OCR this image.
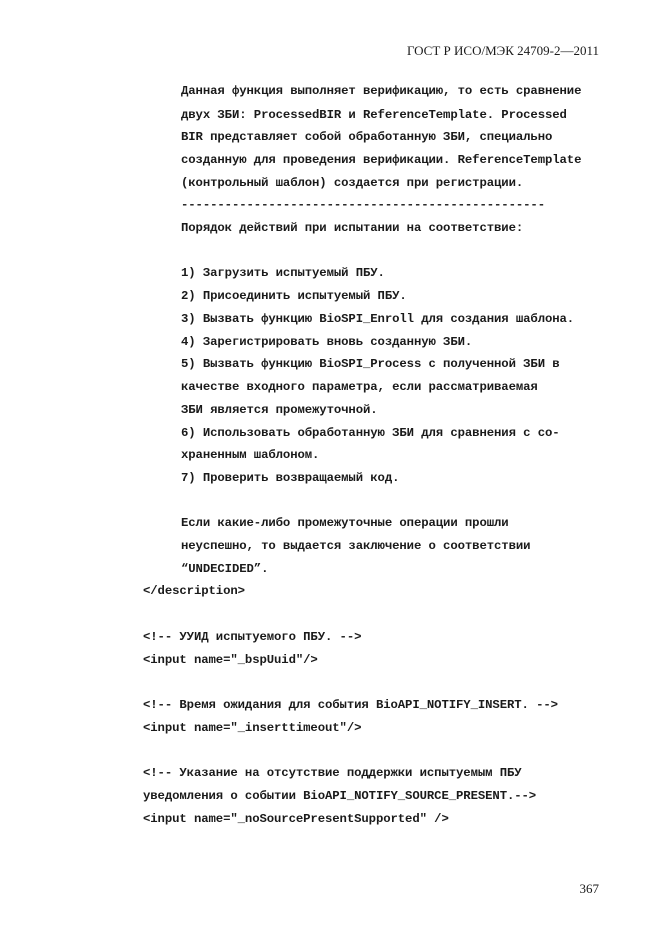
ГОСТ Р ИСО/МЭК 24709-2—2011
Данная функция выполняет верификацию, то есть сравнение
двух ЗБИ: ProcessedBIR и ReferenceTemplate. Processed
BIR представляет собой обработанную ЗБИ, специально
созданную для проведения верификации. ReferenceTemplate
(контрольный шаблон) создается при регистрации.
--------------------------------------------------
Порядок действий при испытании на соответствие:
1) Загрузить испытуемый ПБУ.
2) Присоединить испытуемый ПБУ.
3) Вызвать функцию BioSPI_Enroll для создания шаблона.
4) Зарегистрировать вновь созданную ЗБИ.
5) Вызвать функцию BioSPI_Process с полученной ЗБИ в
качестве входного параметра, если рассматриваемая
ЗБИ является промежуточной.
6) Использовать обработанную ЗБИ для сравнения с со-
храненным шаблоном.
7) Проверить возвращаемый код.
Если какие-либо промежуточные операции прошли
неуспешно, то выдается заключение о соответствии
“UNDECIDED”.
</description>
<!-- УУИД испытуемого ПБУ. -->
<input name="_bspUuid"/>
<!-- Время ожидания для события BioAPI_NOTIFY_INSERT. -->
<input name="_inserttimeout"/>
<!-- Указание на отсутствие поддержки испытуемым ПБУ
уведомления о событии BioAPI_NOTIFY_SOURCE_PRESENT.-->
<input name="_noSourcePresentSupported" />
367
